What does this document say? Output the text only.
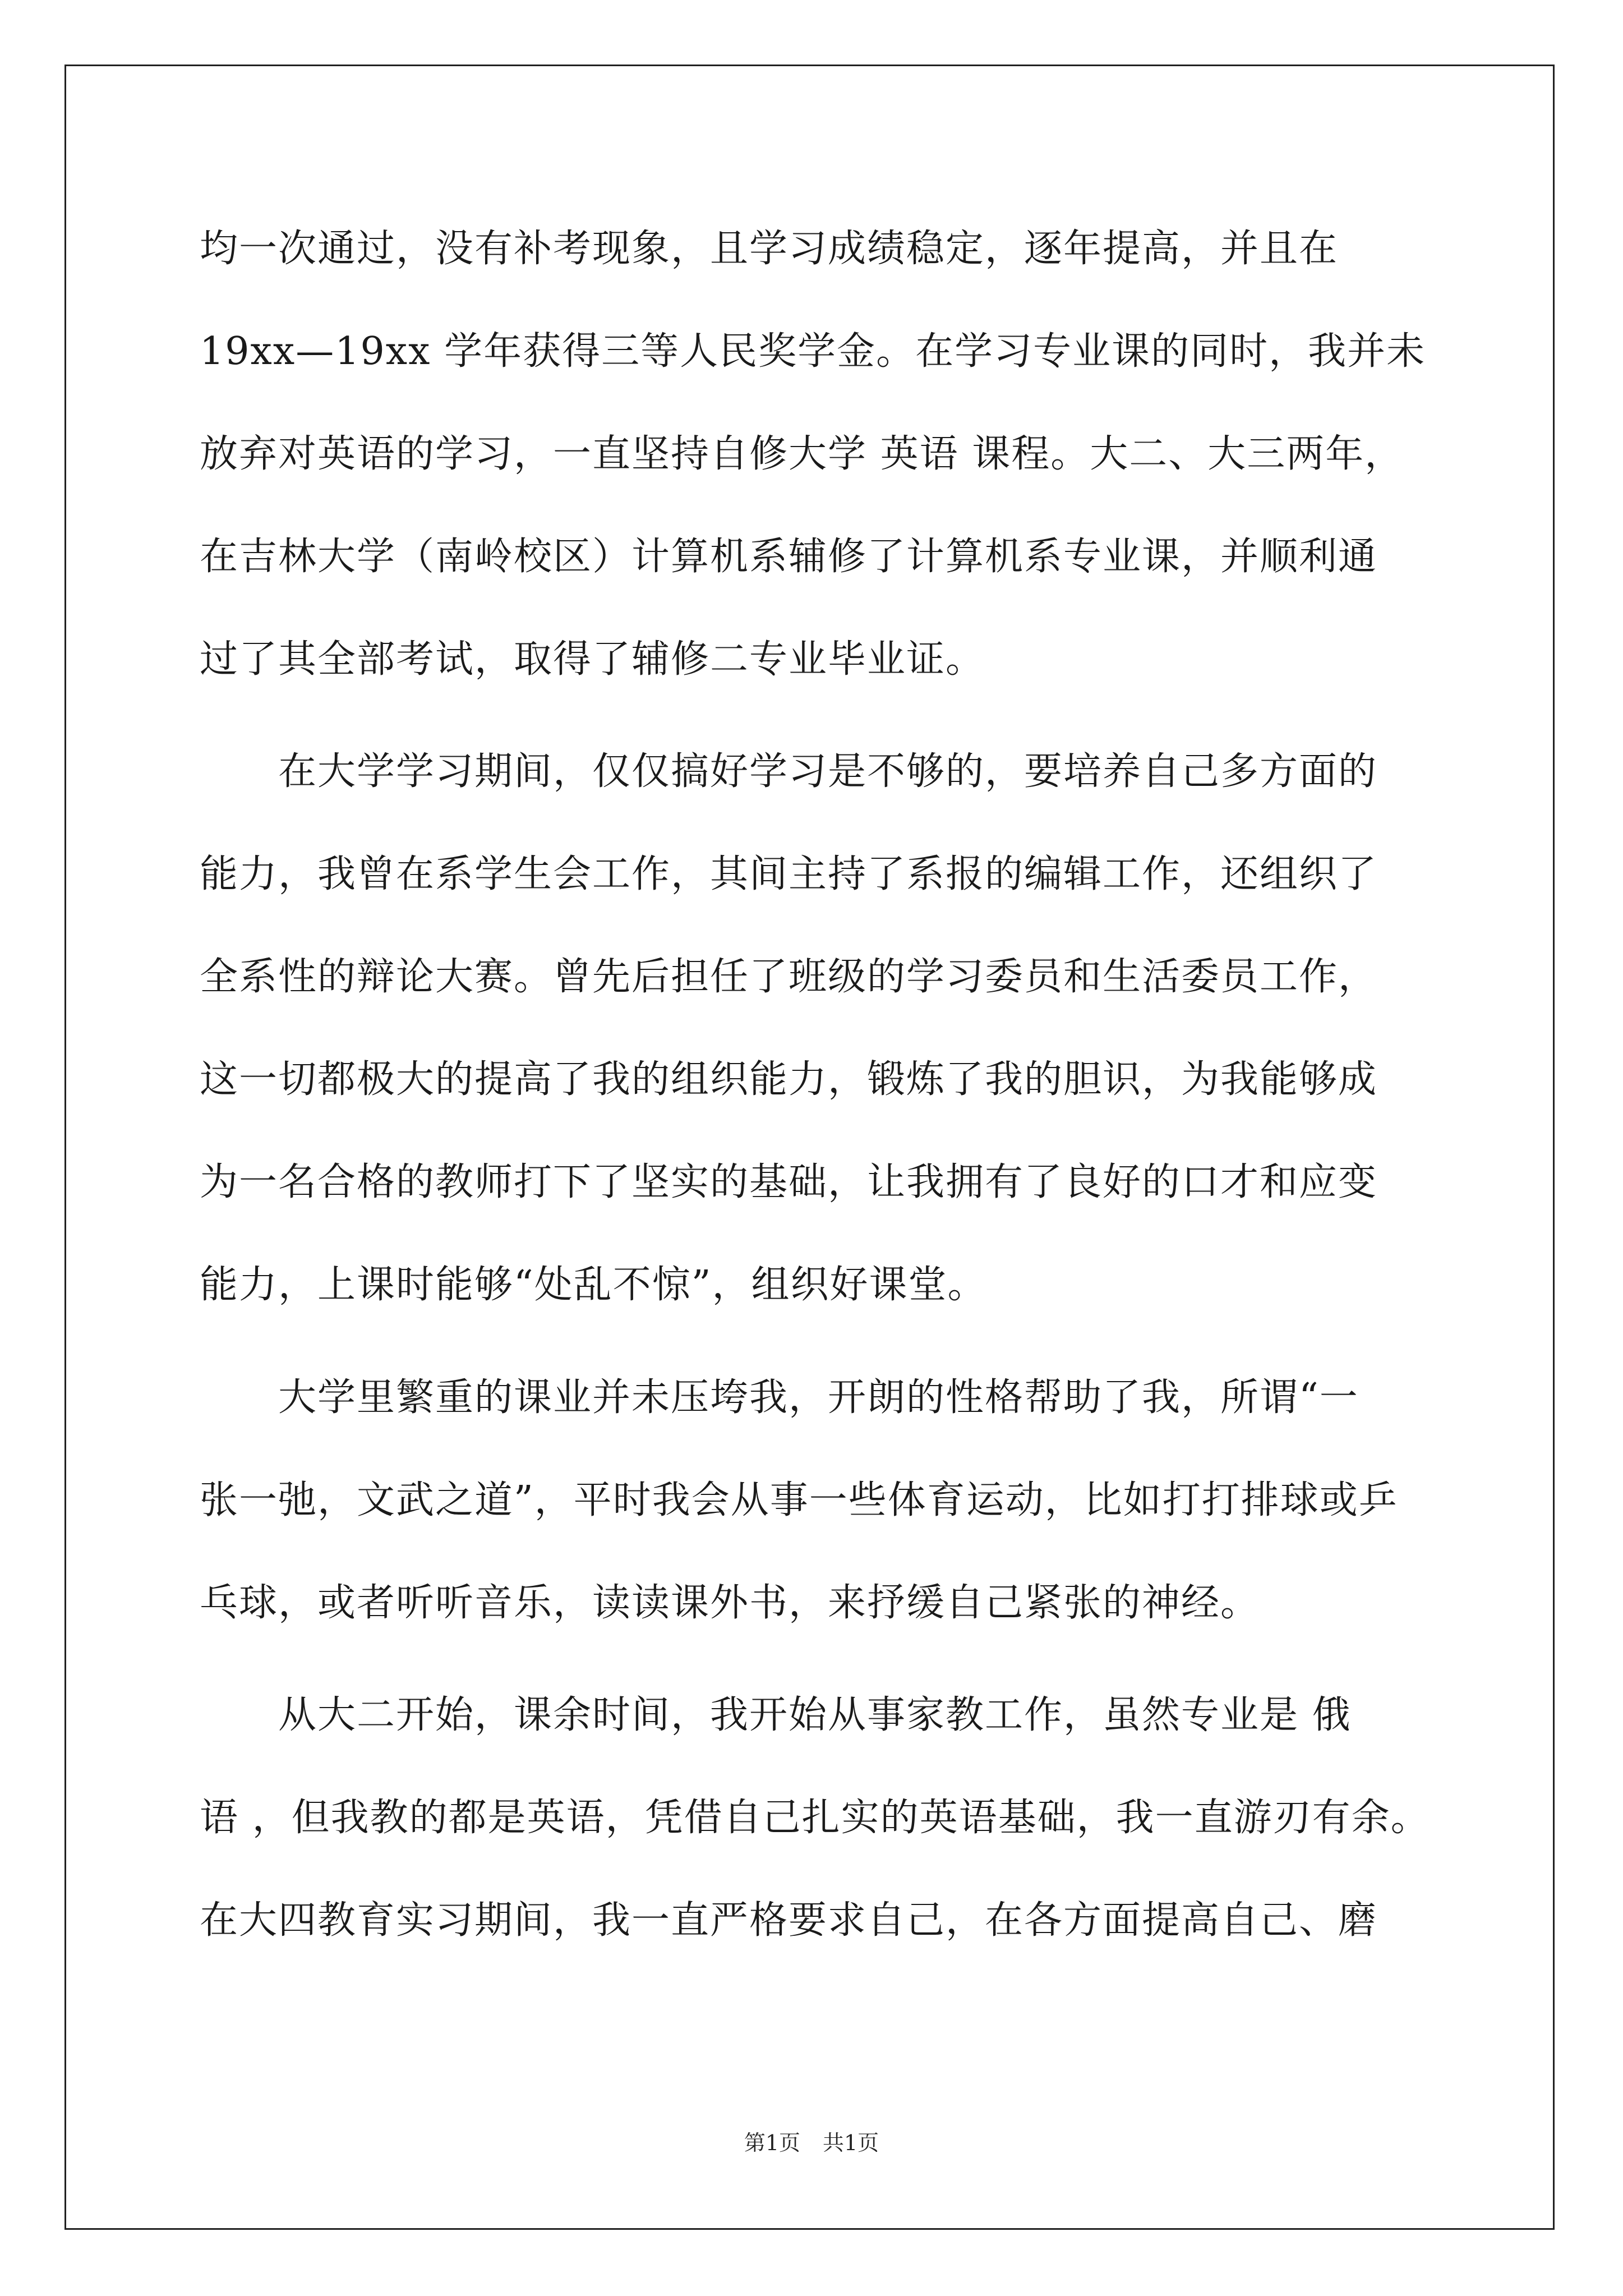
均一次通过，没有补考现象，且学习成绩稳定，逐年提高，并且在
19xx—19xx 学年获得三等人民奖学金。在学习专业课的同时，我并未
放弃对英语的学习，一直坚持自修大学 英语 课程。大二、大三两年，
在吉林大学（南岭校区）计算机系辅修了计算机系专业课，并顺利通
过了其全部考试，取得了辅修二专业毕业证。
　　在大学学习期间，仅仅搞好学习是不够的，要培养自己多方面的
能力，我曾在系学生会工作，其间主持了系报的编辑工作，还组织了
全系性的辩论大赛。曾先后担任了班级的学习委员和生活委员工作，
这一切都极大的提高了我的组织能力，锻炼了我的胆识，为我能够成
为一名合格的教师打下了坚实的基础，让我拥有了良好的口才和应变
能力，上课时能够“处乱不惊”，组织好课堂。
　　大学里繁重的课业并未压垮我，开朗的性格帮助了我，所谓“一
张一弛，文武之道”，平时我会从事一些体育运动，比如打打排球或乒
乓球，或者听听音乐，读读课外书，来抒缓自己紧张的神经。
　　从大二开始，课余时间，我开始从事家教工作，虽然专业是 俄
语 ，但我教的都是英语，凭借自己扎实的英语基础，我一直游刃有余。
在大四教育实习期间，我一直严格要求自己，在各方面提高自己、磨
第1页 共1页
